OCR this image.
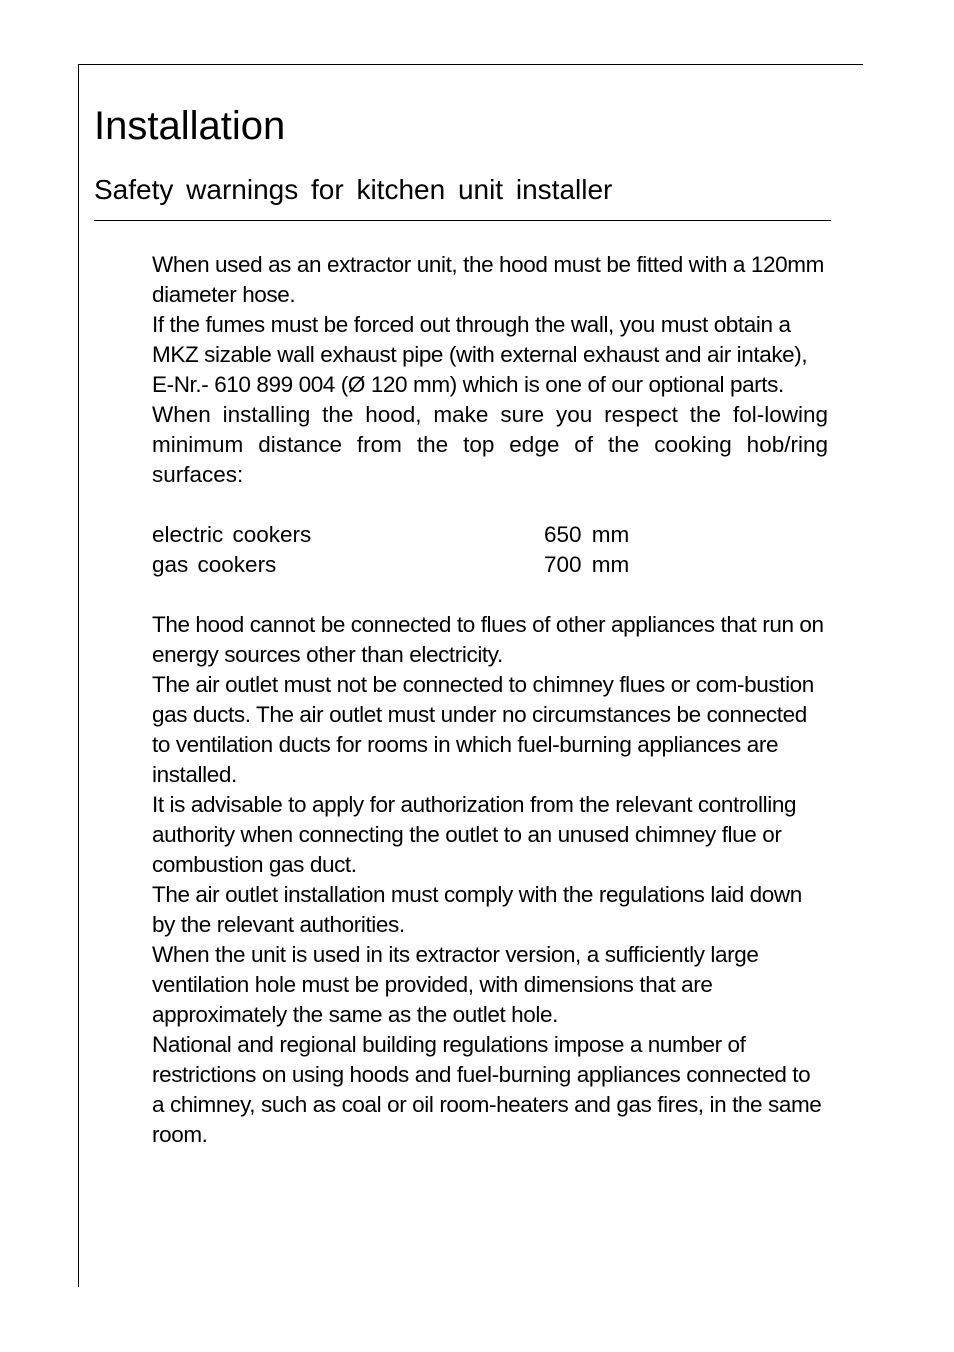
Installation
Safety warnings for kitchen unit installer

When used as an extractor unit, the hood must be fitted with a 120mm diameter hose.

If the fumes must be forced out through the wall, you must obtain a MKZ sizable wall exhaust pipe (with external exhaust and air intake), E-Nr.- 610 899 004 (Ø 120 mm) which is one of our optional parts.

When installing the hood, make sure you respect the fol-lowing minimum distance from the top edge of the cooking hob/ring surfaces:

electric cookers	650 mm
gas cookers	700 mm

The hood cannot be connected to flues of other appliances that run on energy sources other than electricity.

The air outlet must not be connected to chimney flues or com-bustion gas ducts. The air outlet must under no circumstances be connected to ventilation ducts for rooms in which fuel-burning appliances are installed.

It is advisable to apply for authorization from the relevant controlling authority when connecting the outlet to an unused chimney flue or combustion gas duct.

The air outlet installation must comply with the regulations laid down by the relevant authorities.

When the unit is used in its extractor version, a sufficiently large ventilation hole must be provided, with dimensions that are approximately the same as the outlet hole.

National and regional building regulations impose a number of restrictions on using hoods and fuel-burning appliances connected to a chimney, such as coal or oil room-heaters and gas fires, in the same room.
